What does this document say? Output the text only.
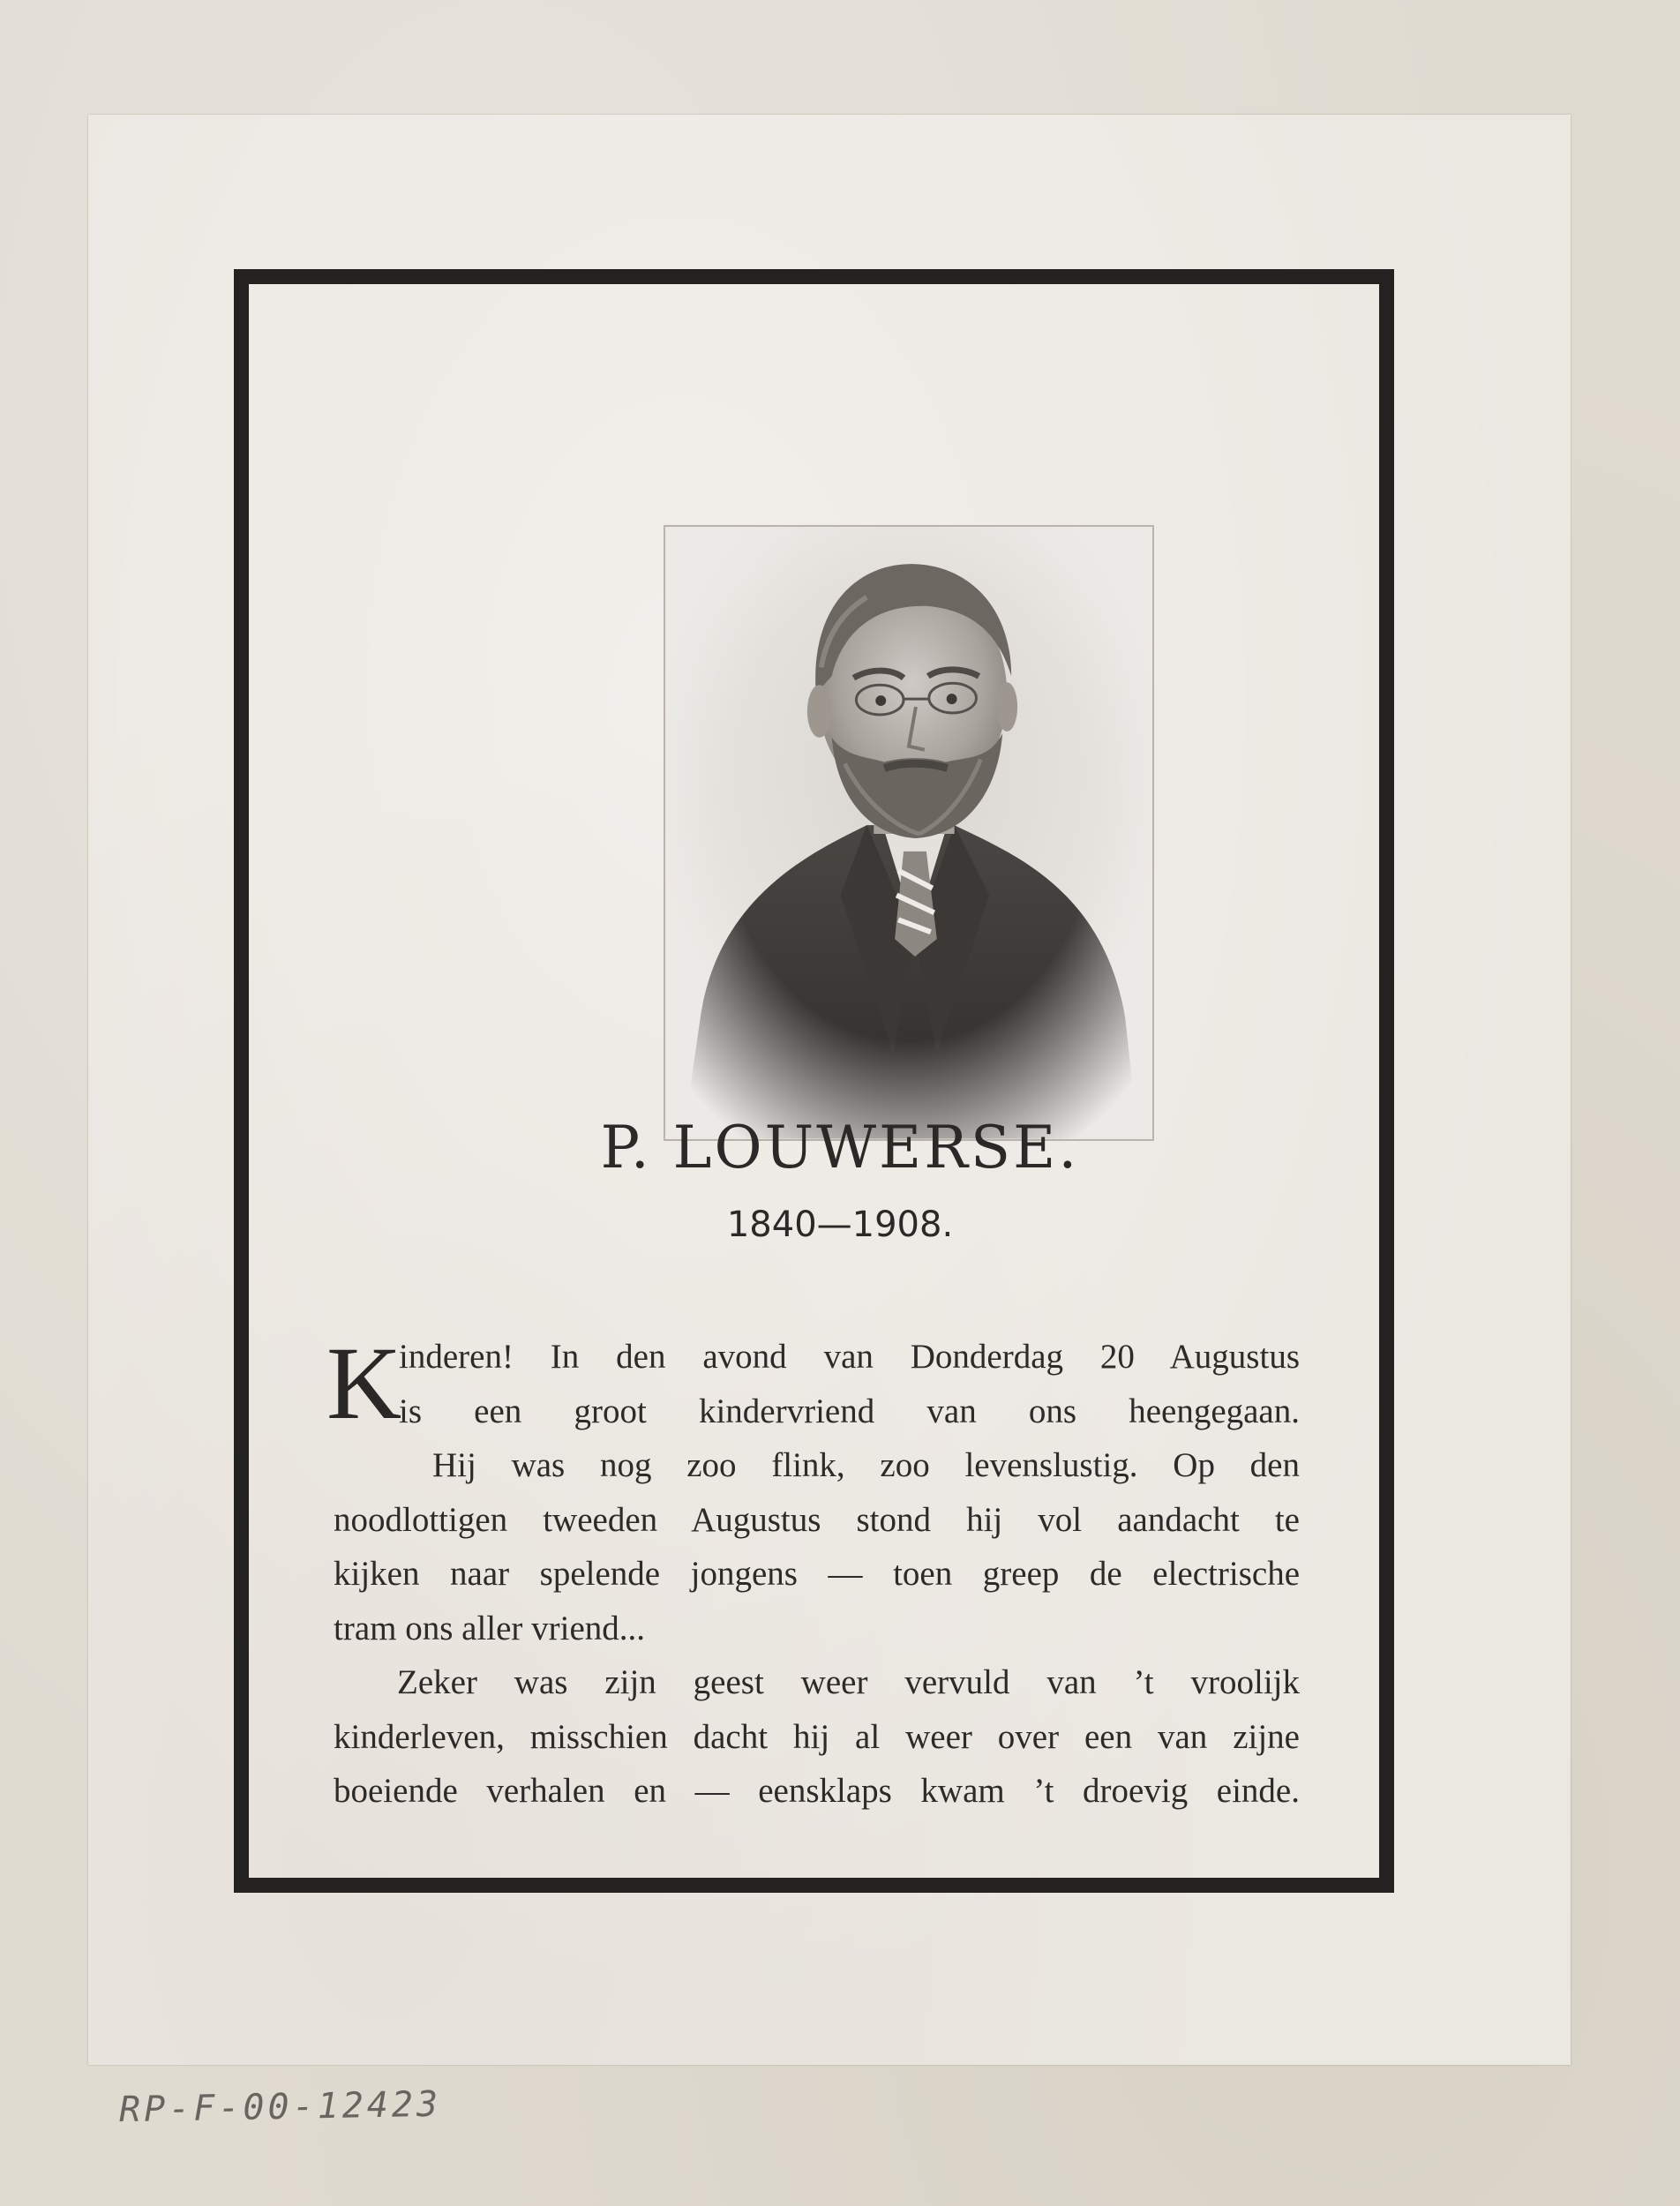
P. LOUWERSE.

1840—1908.

K
inderen! In den avond van Donderdag 20 Augustus
is een groot kindervriend van ons heengegaan.
Hij was nog zoo flink, zoo levenslustig. Op den
noodlottigen tweeden Augustus stond hij vol aandacht te
kijken naar spelende jongens — toen greep de electrische
tram ons aller vriend...
Zeker was zijn geest weer vervuld van ’t vroolijk
kinderleven, misschien dacht hij al weer over een van zijne
boeiende verhalen en — eensklaps kwam ’t droevig einde.
RP-F-00-12423
